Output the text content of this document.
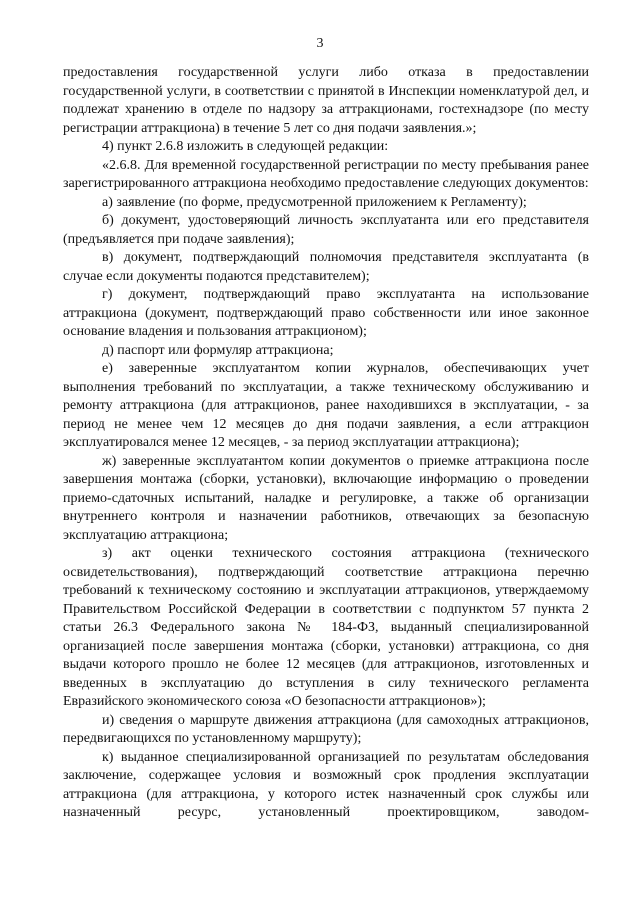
3

предоставления государственной услуги либо отказа в предоставлении государственной услуги, в соответствии с принятой в Инспекции номенклатурой дел, и подлежат хранению в отделе по надзору за аттракционами, гостехнадзоре (по месту регистрации аттракциона) в течение 5 лет со дня подачи заявления.»;

4) пункт 2.6.8 изложить в следующей редакции:

«2.6.8. Для временной государственной регистрации по месту пребывания ранее зарегистрированного аттракциона необходимо предоставление следующих документов:

а) заявление (по форме, предусмотренной приложением к Регламенту);

б) документ, удостоверяющий личность эксплуатанта или его представителя (предъявляется при подаче заявления);

в) документ, подтверждающий полномочия представителя эксплуатанта (в случае если документы подаются представителем);

г) документ, подтверждающий право эксплуатанта на использование аттракциона (документ, подтверждающий право собственности или иное законное основание владения и пользования аттракционом);

д) паспорт или формуляр аттракциона;

е) заверенные эксплуатантом копии журналов, обеспечивающих учет выполнения требований по эксплуатации, а также техническому обслуживанию и ремонту аттракциона (для аттракционов, ранее находившихся в эксплуатации, - за период не менее чем 12 месяцев до дня подачи заявления, а если аттракцион эксплуатировался менее 12 месяцев, - за период эксплуатации аттракциона);

ж) заверенные эксплуатантом копии документов о приемке аттракциона после завершения монтажа (сборки, установки), включающие информацию о проведении приемо-сдаточных испытаний, наладке и регулировке, а также об организации внутреннего контроля и назначении работников, отвечающих за безопасную эксплуатацию аттракциона;

з) акт оценки технического состояния аттракциона (технического освидетельствования), подтверждающий соответствие аттракциона перечню требований к техническому состоянию и эксплуатации аттракционов, утверждаемому Правительством Российской Федерации в соответствии с подпунктом 57 пункта 2 статьи 26.3 Федерального закона № 184-ФЗ, выданный специализированной организацией после завершения монтажа (сборки, установки) аттракциона, со дня выдачи которого прошло не более 12 месяцев (для аттракционов, изготовленных и введенных в эксплуатацию до вступления в силу технического регламента Евразийского экономического союза «О безопасности аттракционов»);

и) сведения о маршруте движения аттракциона (для самоходных аттракционов, передвигающихся по установленному маршруту);

к) выданное специализированной организацией по результатам обследования заключение, содержащее условия и возможный срок продления эксплуатации аттракциона (для аттракциона, у которого истек назначенный срок службы или назначенный ресурс, установленный проектировщиком, заводом-
